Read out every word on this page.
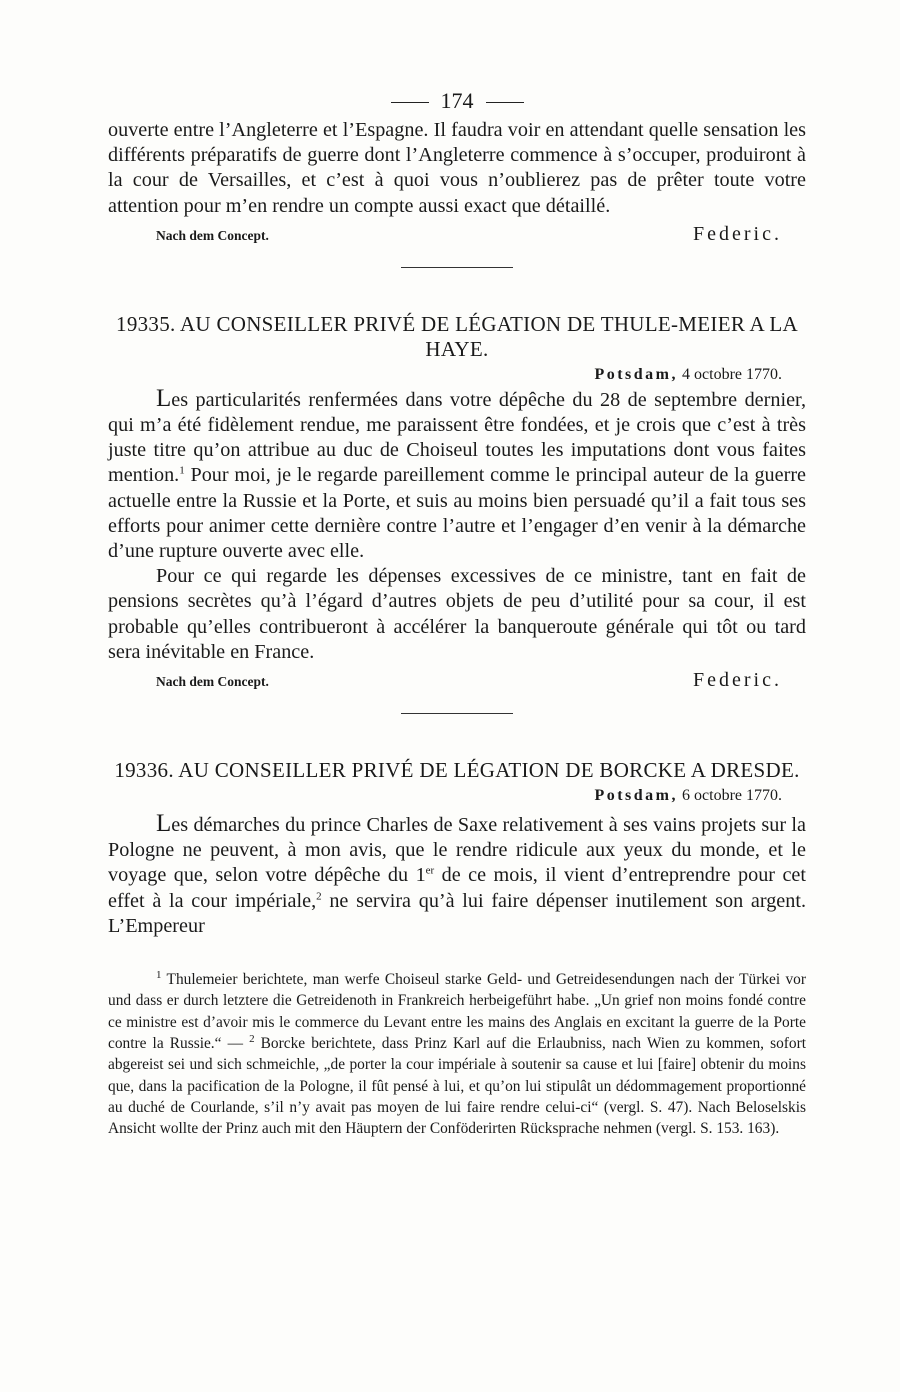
174

ouverte entre l’Angleterre et l’Espagne. Il faudra voir en attendant quelle sensation les différents préparatifs de guerre dont l’Angleterre commence à s’occuper, produiront à la cour de Versailles, et c’est à quoi vous n’oublierez pas de prêter toute votre attention pour m’en rendre un compte aussi exact que détaillé.

Nach dem Concept.	Federic.
19335. AU CONSEILLER PRIVÉ DE LÉGATION DE THULE-MEIER A LA HAYE.
Potsdam, 4 octobre 1770.

Les particularités renfermées dans votre dépêche du 28 de septembre dernier, qui m’a été fidèlement rendue, me paraissent être fondées, et je crois que c’est à très juste titre qu’on attribue au duc de Choiseul toutes les imputations dont vous faites mention.$^1$ Pour moi, je le regarde pareillement comme le principal auteur de la guerre actuelle entre la Russie et la Porte, et suis au moins bien persuadé qu’il a fait tous ses efforts pour animer cette dernière contre l’autre et l’engager d’en venir à la démarche d’une rupture ouverte avec elle.

Pour ce qui regarde les dépenses excessives de ce ministre, tant en fait de pensions secrètes qu’à l’égard d’autres objets de peu d’utilité pour sa cour, il est probable qu’elles contribueront à accélérer la banqueroute générale qui tôt ou tard sera inévitable en France.

Nach dem Concept.	Federic.
19336. AU CONSEILLER PRIVÉ DE LÉGATION DE BORCKE A DRESDE.
Potsdam, 6 octobre 1770.

Les démarches du prince Charles de Saxe relativement à ses vains projets sur la Pologne ne peuvent, à mon avis, que le rendre ridicule aux yeux du monde, et le voyage que, selon votre dépêche du 1er de ce mois, il vient d’entreprendre pour cet effet à la cour impériale,$^2$ ne servira qu’à lui faire dépenser inutilement son argent. L’Empereur

$^1$ Thulemeier berichtete, man werfe Choiseul starke Geld- und Getreidesendungen nach der Türkei vor und dass er durch letztere die Getreidenoth in Frankreich herbeigeführt habe. „Un grief non moins fondé contre ce ministre est d’avoir mis le commerce du Levant entre les mains des Anglais en excitant la guerre de la Porte contre la Russie.“ — $^2$ Borcke berichtete, dass Prinz Karl auf die Erlaubniss, nach Wien zu kommen, sofort abgereist sei und sich schmeichle, „de porter la cour impériale à soutenir sa cause et lui [faire] obtenir du moins que, dans la pacification de la Pologne, il fût pensé à lui, et qu’on lui stipulât un dédommagement proportionné au duché de Courlande, s’il n’y avait pas moyen de lui faire rendre celui-ci“ (vergl. S. 47). Nach Beloselskis Ansicht wollte der Prinz auch mit den Häuptern der Conföderirten Rücksprache nehmen (vergl. S. 153. 163).
